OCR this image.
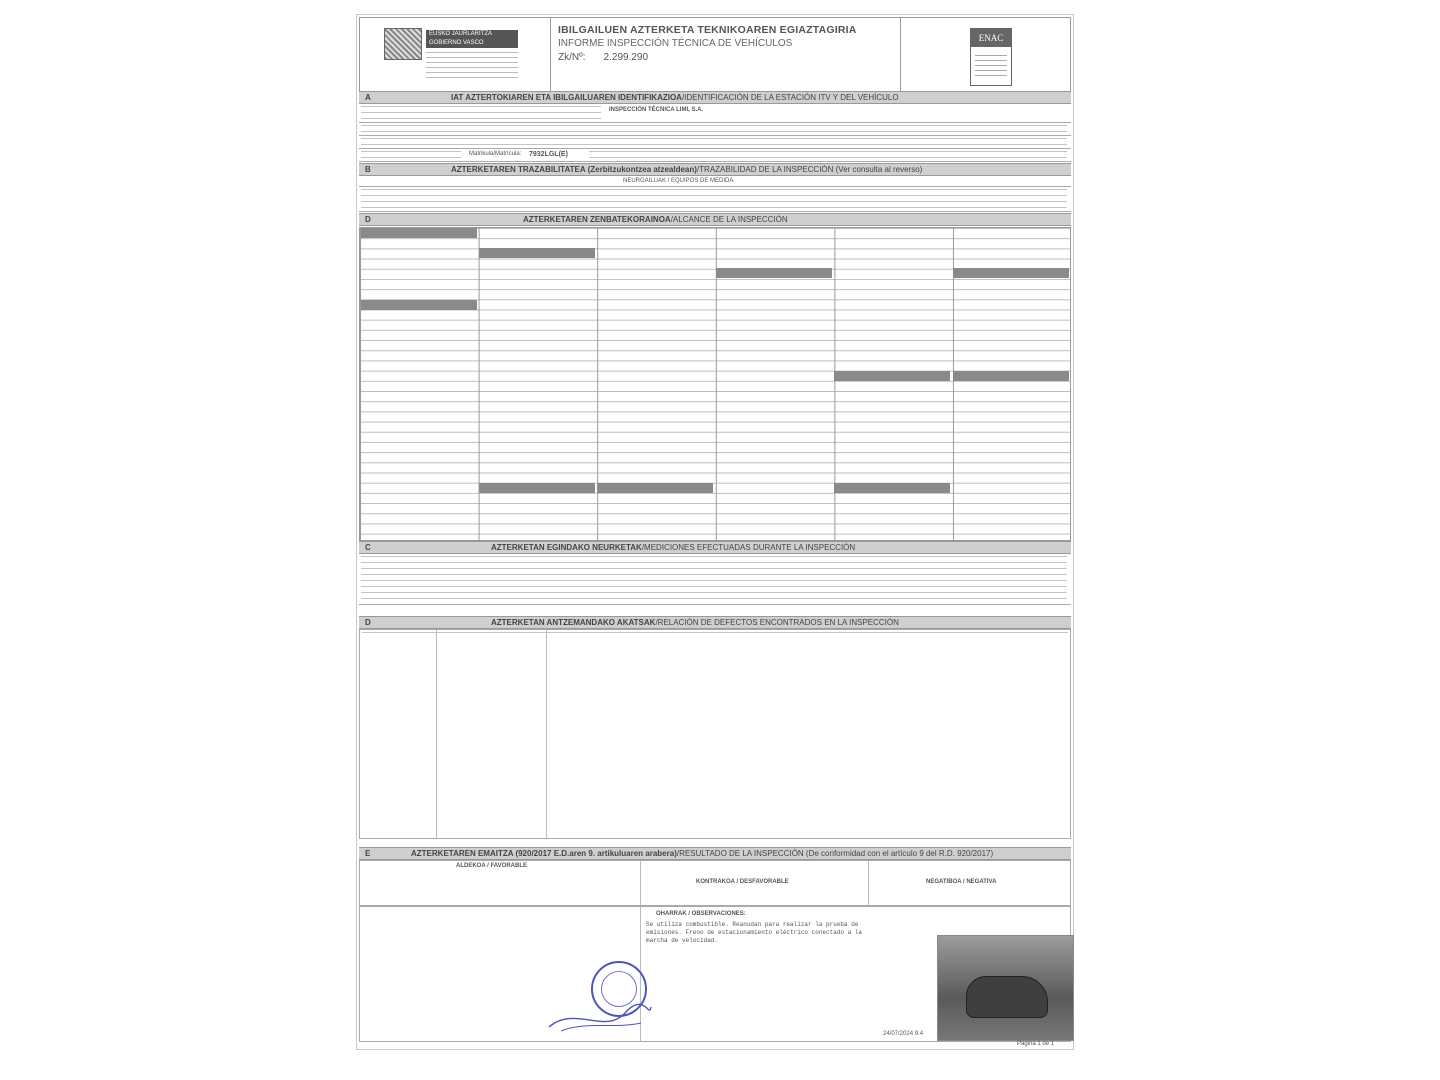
EUSKO JAURLARITZA GOBIERNO VASCO
IBILGAILUEN AZTERKETA TEKNIKOAREN EGIAZTAGIRIA
INFORME INSPECCIÓN TÉCNICA DE VEHÍCULOS
Zk/Nº: 2.299.290
ENAC
A	IAT AZTERTOKIAREN ETA IBILGAILUAREN IDENTIFIKAZIOA/IDENTIFICACIÓN DE LA ESTACIÓN ITV Y DEL VEHÍCULO
INSPECCIÓN TÉCNICA LIMI, S.A.
Matrikula/Matrícula: 7932LGL(E)
B	AZTERKETAREN TRAZABILITATEA (Zerbitzukontzea atzealdean)/TRAZABILIDAD DE LA INSPECCIÓN (Ver consulta al reverso)
NEURGAILUAK / EQUIPOS DE MEDIDA
D	AZTERKETAREN ZENBATEKORAINOA/ALCANCE DE LA INSPECCIÓN
C	AZTERKETAN EGINDAKO NEURKETAK/MEDICIONES EFECTUADAS DURANTE LA INSPECCIÓN
D	AZTERKETAN ANTZEMANDAKO AKATSAK/RELACIÓN DE DEFECTOS ENCONTRADOS EN LA INSPECCIÓN
E	AZTERKETAREN EMAITZA (920/2017 E.D.aren 9. artikuluaren arabera)/RESULTADO DE LA INSPECCIÓN (De conformidad con el artículo 9 del R.D. 920/2017)
ALDEKOA / FAVORABLE
KONTRAKOA / DESFAVORABLE	NEGATIBOA / NEGATIVA
OHARRAK / OBSERVACIONES:
Se utiliza combustible. Reanudan para realizar la prueba de emisiones. Freno de estacionamiento eléctrico conectado a la marcha de velocidad.
24/07/2024 9:4
Página 1 de 1
